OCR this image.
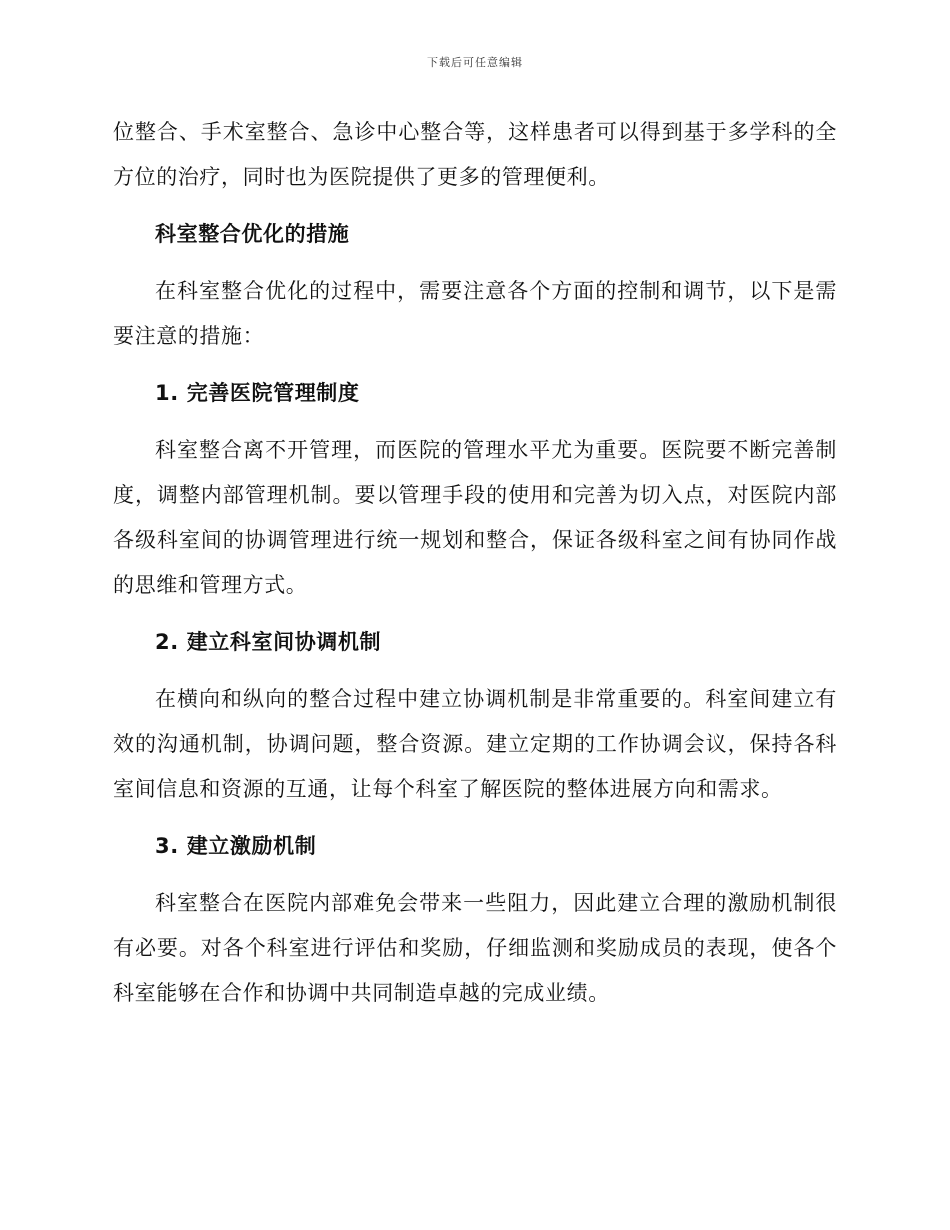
下载后可任意编辑

位整合、手术室整合、急诊中心整合等，这样患者可以得到基于多学科的全方位的治疗，同时也为医院提供了更多的管理便利。

科室整合优化的措施

在科室整合优化的过程中，需要注意各个方面的控制和调节，以下是需要注意的措施：

1. 完善医院管理制度

科室整合离不开管理，而医院的管理水平尤为重要。医院要不断完善制度，调整内部管理机制。要以管理手段的使用和完善为切入点，对医院内部各级科室间的协调管理进行统一规划和整合，保证各级科室之间有协同作战的思维和管理方式。

2. 建立科室间协调机制

在横向和纵向的整合过程中建立协调机制是非常重要的。科室间建立有效的沟通机制，协调问题，整合资源。建立定期的工作协调会议，保持各科室间信息和资源的互通，让每个科室了解医院的整体进展方向和需求。

3. 建立激励机制

科室整合在医院内部难免会带来一些阻力，因此建立合理的激励机制很有必要。对各个科室进行评估和奖励，仔细监测和奖励成员的表现，使各个科室能够在合作和协调中共同制造卓越的完成业绩。
